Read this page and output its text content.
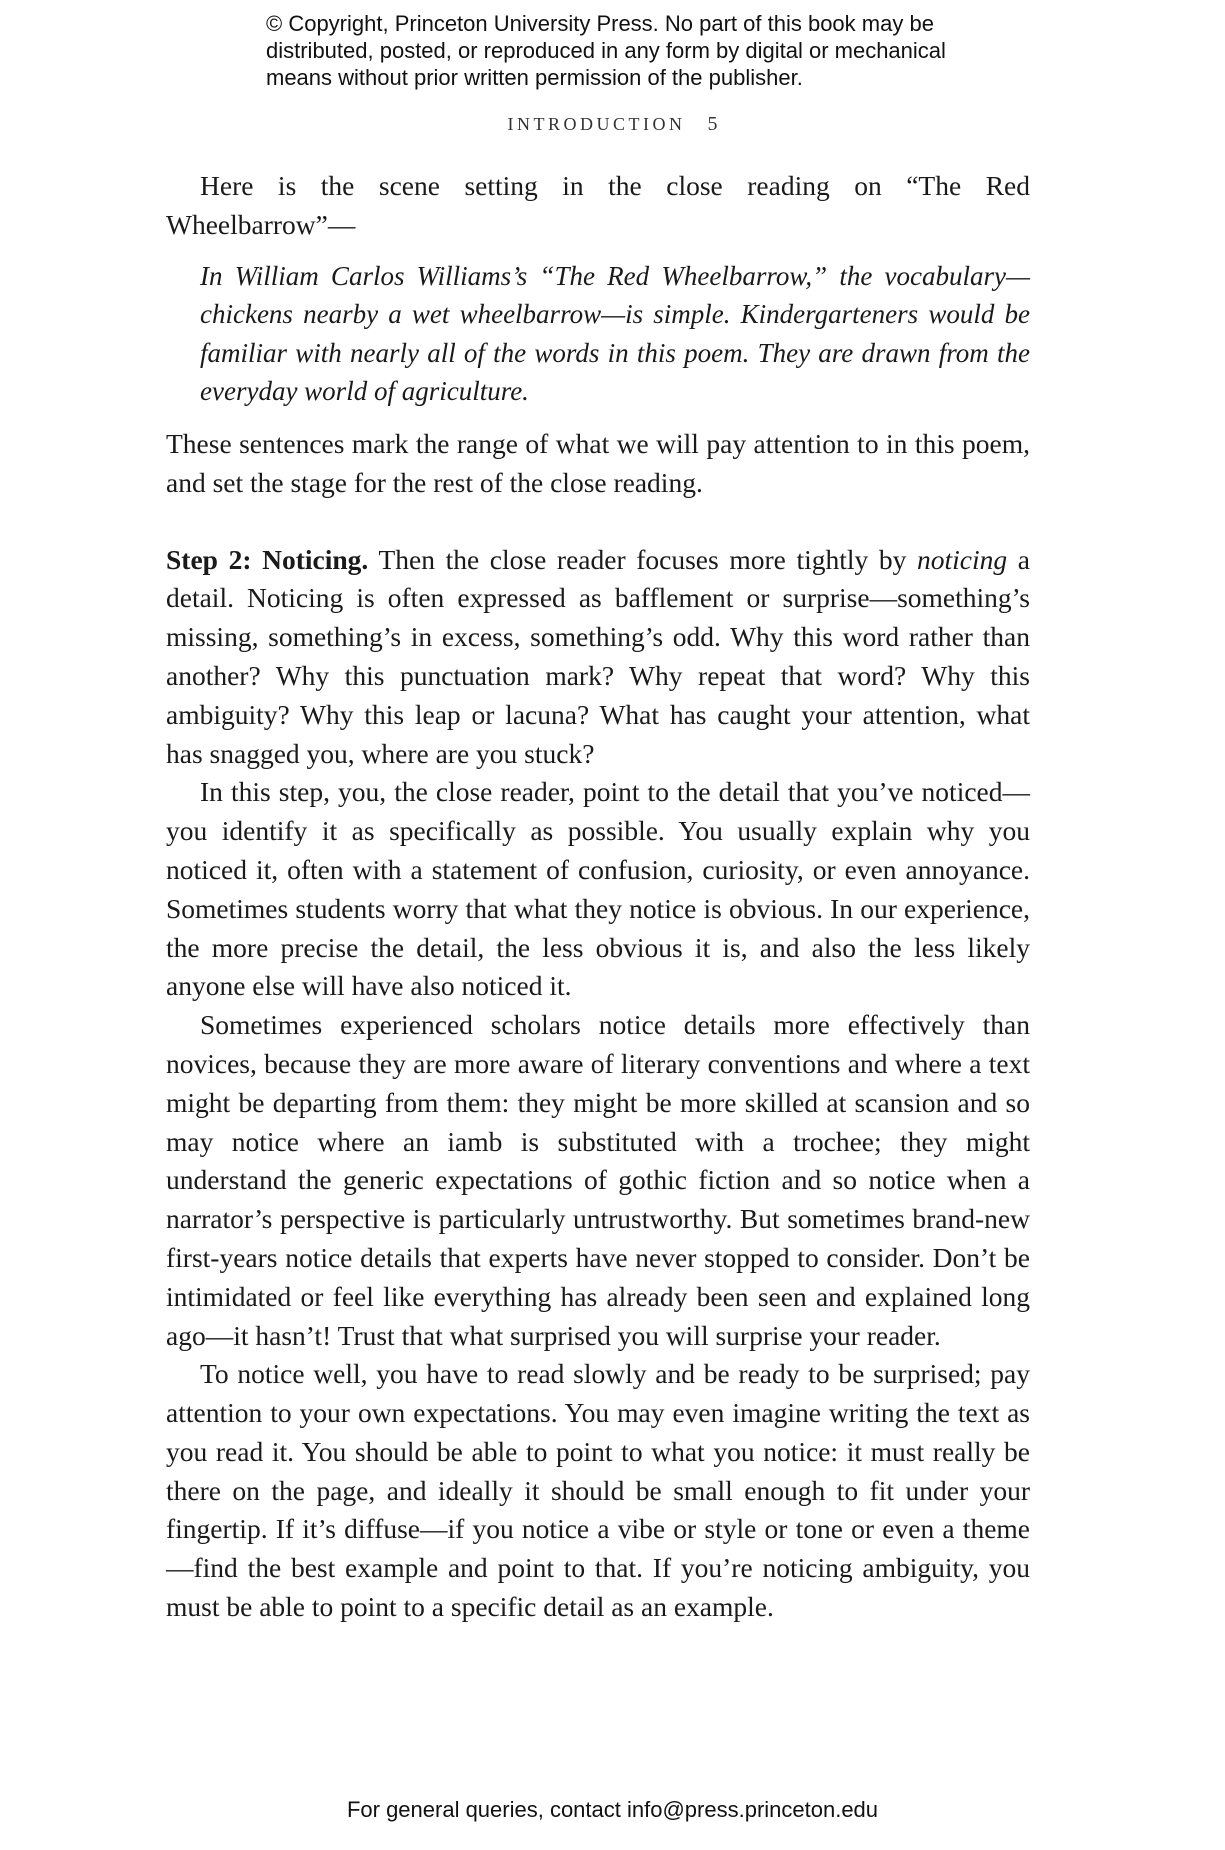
© Copyright, Princeton University Press. No part of this book may be

distributed, posted, or reproduced in any form by digital or mechanical

means without prior written permission of the publisher.

INTRODUCTION 5

Here is the scene setting in the close reading on “The Red Wheelbarrow”—

In William Carlos Williams’s “The Red Wheelbarrow,” the vocabulary—chickens nearby a wet wheelbarrow—is simple. Kindergarteners would be familiar with nearly all of the words in this poem. They are drawn from the everyday world of agriculture.

These sentences mark the range of what we will pay attention to in this poem, and set the stage for the rest of the close reading.

Step 2: Noticing. Then the close reader focuses more tightly by noticing a detail. Noticing is often expressed as bafflement or surprise—something’s missing, something’s in excess, something’s odd. Why this word rather than another? Why this punctuation mark? Why repeat that word? Why this ambiguity? Why this leap or lacuna? What has caught your attention, what has snagged you, where are you stuck?

In this step, you, the close reader, point to the detail that you’ve noticed—you identify it as specifically as possible. You usually explain why you noticed it, often with a statement of confusion, curiosity, or even annoyance. Sometimes students worry that what they notice is obvious. In our experience, the more precise the detail, the less obvious it is, and also the less likely anyone else will have also noticed it.

Sometimes experienced scholars notice details more effectively than novices, because they are more aware of literary conventions and where a text might be departing from them: they might be more skilled at scansion and so may notice where an iamb is substituted with a trochee; they might understand the generic expectations of gothic fiction and so notice when a narrator’s perspective is particularly untrustworthy. But sometimes brand-new first-years notice details that experts have never stopped to consider. Don’t be intimidated or feel like everything has already been seen and explained long ago—it hasn’t! Trust that what surprised you will surprise your reader.

To notice well, you have to read slowly and be ready to be surprised; pay attention to your own expectations. You may even imagine writing the text as you read it. You should be able to point to what you notice: it must really be there on the page, and ideally it should be small enough to fit under your fingertip. If it’s diffuse—if you notice a vibe or style or tone or even a theme—find the best example and point to that. If you’re noticing ambiguity, you must be able to point to a specific detail as an example.

For general queries, contact info@press.princeton.edu
